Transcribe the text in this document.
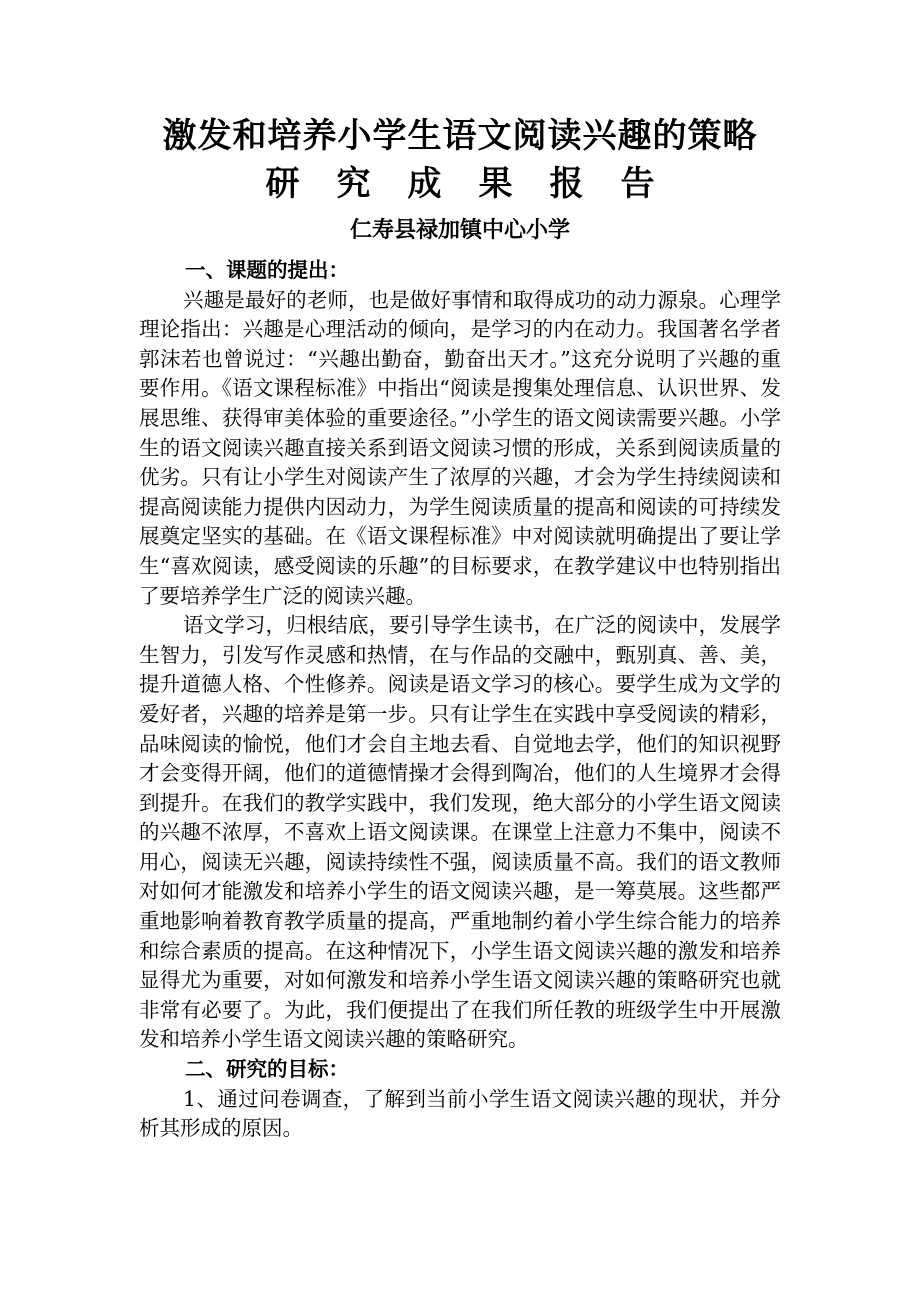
激发和培养小学生语文阅读兴趣的策略
研究成果报告
仁寿县禄加镇中心小学
一、课题的提出：

兴趣是最好的老师，也是做好事情和取得成功的动力源泉。心理学理论指出：兴趣是心理活动的倾向，是学习的内在动力。我国著名学者郭沫若也曾说过：“兴趣出勤奋，勤奋出天才。”这充分说明了兴趣的重要作用。《语文课程标准》中指出“阅读是搜集处理信息、认识世界、发展思维、获得审美体验的重要途径。”小学生的语文阅读需要兴趣。小学生的语文阅读兴趣直接关系到语文阅读习惯的形成，关系到阅读质量的优劣。只有让小学生对阅读产生了浓厚的兴趣，才会为学生持续阅读和提高阅读能力提供内因动力，为学生阅读质量的提高和阅读的可持续发展奠定坚实的基础。在《语文课程标准》中对阅读就明确提出了要让学生“喜欢阅读，感受阅读的乐趣”的目标要求，在教学建议中也特别指出了要培养学生广泛的阅读兴趣。

语文学习，归根结底，要引导学生读书，在广泛的阅读中，发展学生智力，引发写作灵感和热情，在与作品的交融中，甄别真、善、美，提升道德人格、个性修养。阅读是语文学习的核心。要学生成为文学的爱好者，兴趣的培养是第一步。只有让学生在实践中享受阅读的精彩，品味阅读的愉悦，他们才会自主地去看、自觉地去学，他们的知识视野才会变得开阔，他们的道德情操才会得到陶冶，他们的人生境界才会得到提升。在我们的教学实践中，我们发现，绝大部分的小学生语文阅读的兴趣不浓厚，不喜欢上语文阅读课。在课堂上注意力不集中，阅读不用心，阅读无兴趣，阅读持续性不强，阅读质量不高。我们的语文教师对如何才能激发和培养小学生的语文阅读兴趣，是一筹莫展。这些都严重地影响着教育教学质量的提高，严重地制约着小学生综合能力的培养和综合素质的提高。在这种情况下，小学生语文阅读兴趣的激发和培养显得尤为重要，对如何激发和培养小学生语文阅读兴趣的策略研究也就非常有必要了。为此，我们便提出了在我们所任教的班级学生中开展激发和培养小学生语文阅读兴趣的策略研究。

二、研究的目标：

1、通过问卷调查，了解到当前小学生语文阅读兴趣的现状，并分析其形成的原因。
